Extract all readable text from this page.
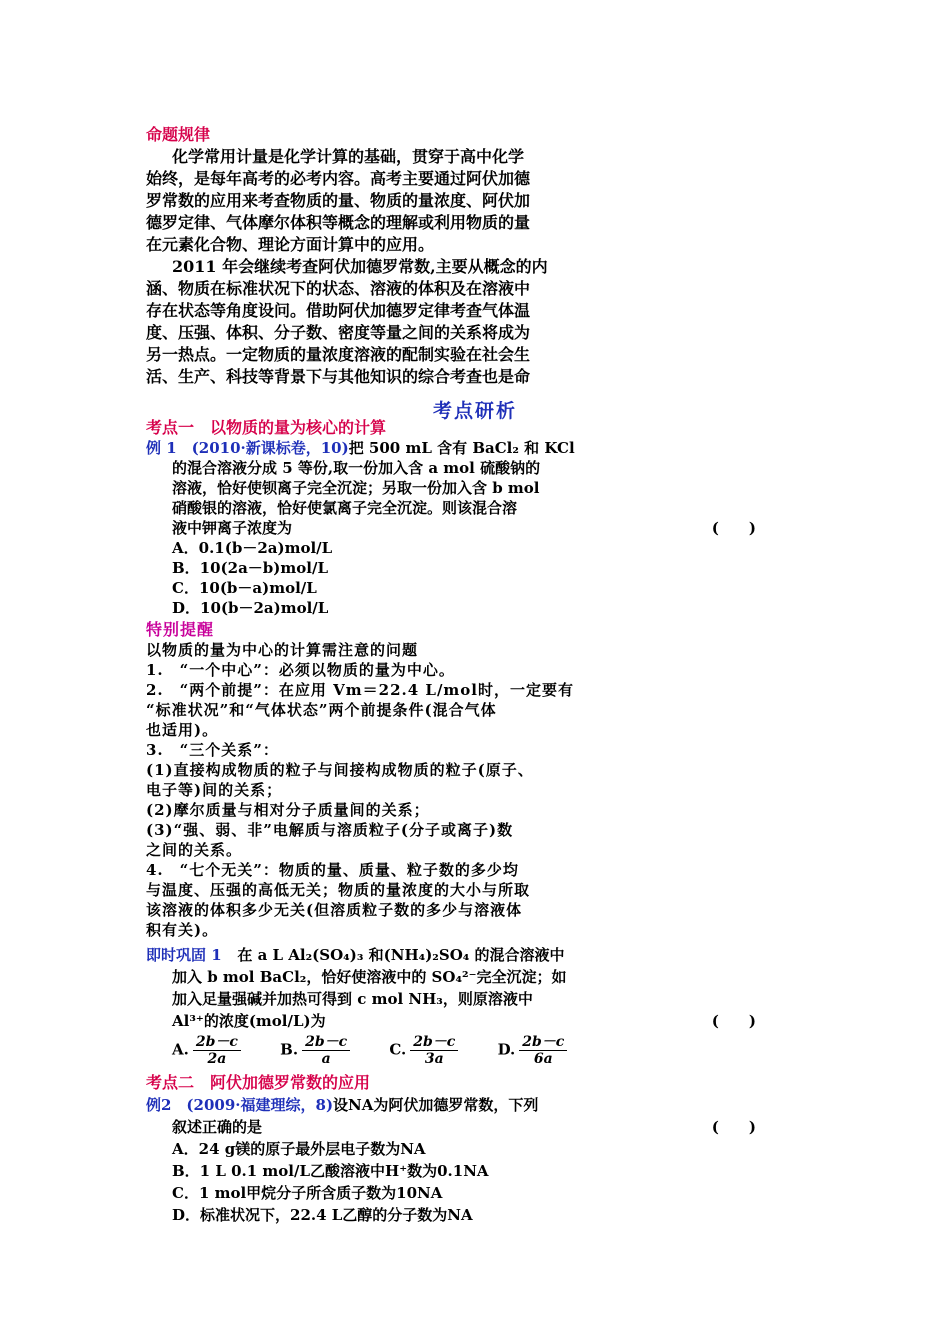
命题规律
化学常用计量是化学计算的基础，贯穿于高中化学
始终，是每年高考的必考内容。高考主要通过阿伏加德
罗常数的应用来考查物质的量、物质的量浓度、阿伏加
德罗定律、气体摩尔体积等概念的理解或利用物质的量
在元素化合物、理论方面计算中的应用。
2011 年会继续考查阿伏加德罗常数,主要从概念的内
涵、物质在标准状况下的状态、溶液的体积及在溶液中
存在状态等角度设问。借助阿伏加德罗定律考查气体温
度、压强、体积、分子数、密度等量之间的关系将成为
另一热点。一定物质的量浓度溶液的配制实验在社会生
活、生产、科技等背景下与其他知识的综合考查也是命
考点研析
考点一　以物质的量为核心的计算
例 1　(2010·新课标卷，10)把 500 mL 含有 BaCl₂ 和 KCl
的混合溶液分成 5 等份,取一份加入含 a mol 硫酸钠的
溶液，恰好使钡离子完全沉淀；另取一份加入含 b mol
硝酸银的溶液，恰好使氯离子完全沉淀。则该混合溶
液中钾离子浓度为	(　　)
A．0.1(b－2a)mol/L
B．10(2a－b)mol/L
C．10(b－a)mol/L
D．10(b－2a)mol/L
特别提醒
以物质的量为中心的计算需注意的问题
1.　“一个中心”：必须以物质的量为中心。
2.　“两个前提”：在应用 Vm＝22.4 L/mol时，一定要有
“标准状况”和“气体状态”两个前提条件(混合气体
也适用)。
3.　“三个关系”：
(1)直接构成物质的粒子与间接构成物质的粒子(原子、
电子等)间的关系；
(2)摩尔质量与相对分子质量间的关系；
(3)“强、弱、非”电解质与溶质粒子(分子或离子)数
之间的关系。
4.　“七个无关”：物质的量、质量、粒子数的多少均
与温度、压强的高低无关；物质的量浓度的大小与所取
该溶液的体积多少无关(但溶质粒子数的多少与溶液体
积有关)。
即时巩固 1 在 a L Al₂(SO₄)₃ 和(NH₄)₂SO₄ 的混合溶液中
加入 b mol BaCl₂，恰好使溶液中的 SO₄²⁻完全沉淀；如
加入足量强碱并加热可得到 c mol NH₃，则原溶液中
Al³⁺的浓度(mol/L)为	(　　)
A. $\frac{2b-c}{2a}$	B. $\frac{2b-c}{a}$	C. $\frac{2b-c}{3a}$	D. $\frac{2b-c}{6a}$
考点二　阿伏加德罗常数的应用
例2　(2009·福建理综，8)设NA为阿伏加德罗常数，下列
叙述正确的是	(　　)
A．24 g镁的原子最外层电子数为NA
B．1 L 0.1 mol/L乙酸溶液中H⁺数为0.1NA
C．1 mol甲烷分子所含质子数为10NA
D．标准状况下，22.4 L乙醇的分子数为NA
